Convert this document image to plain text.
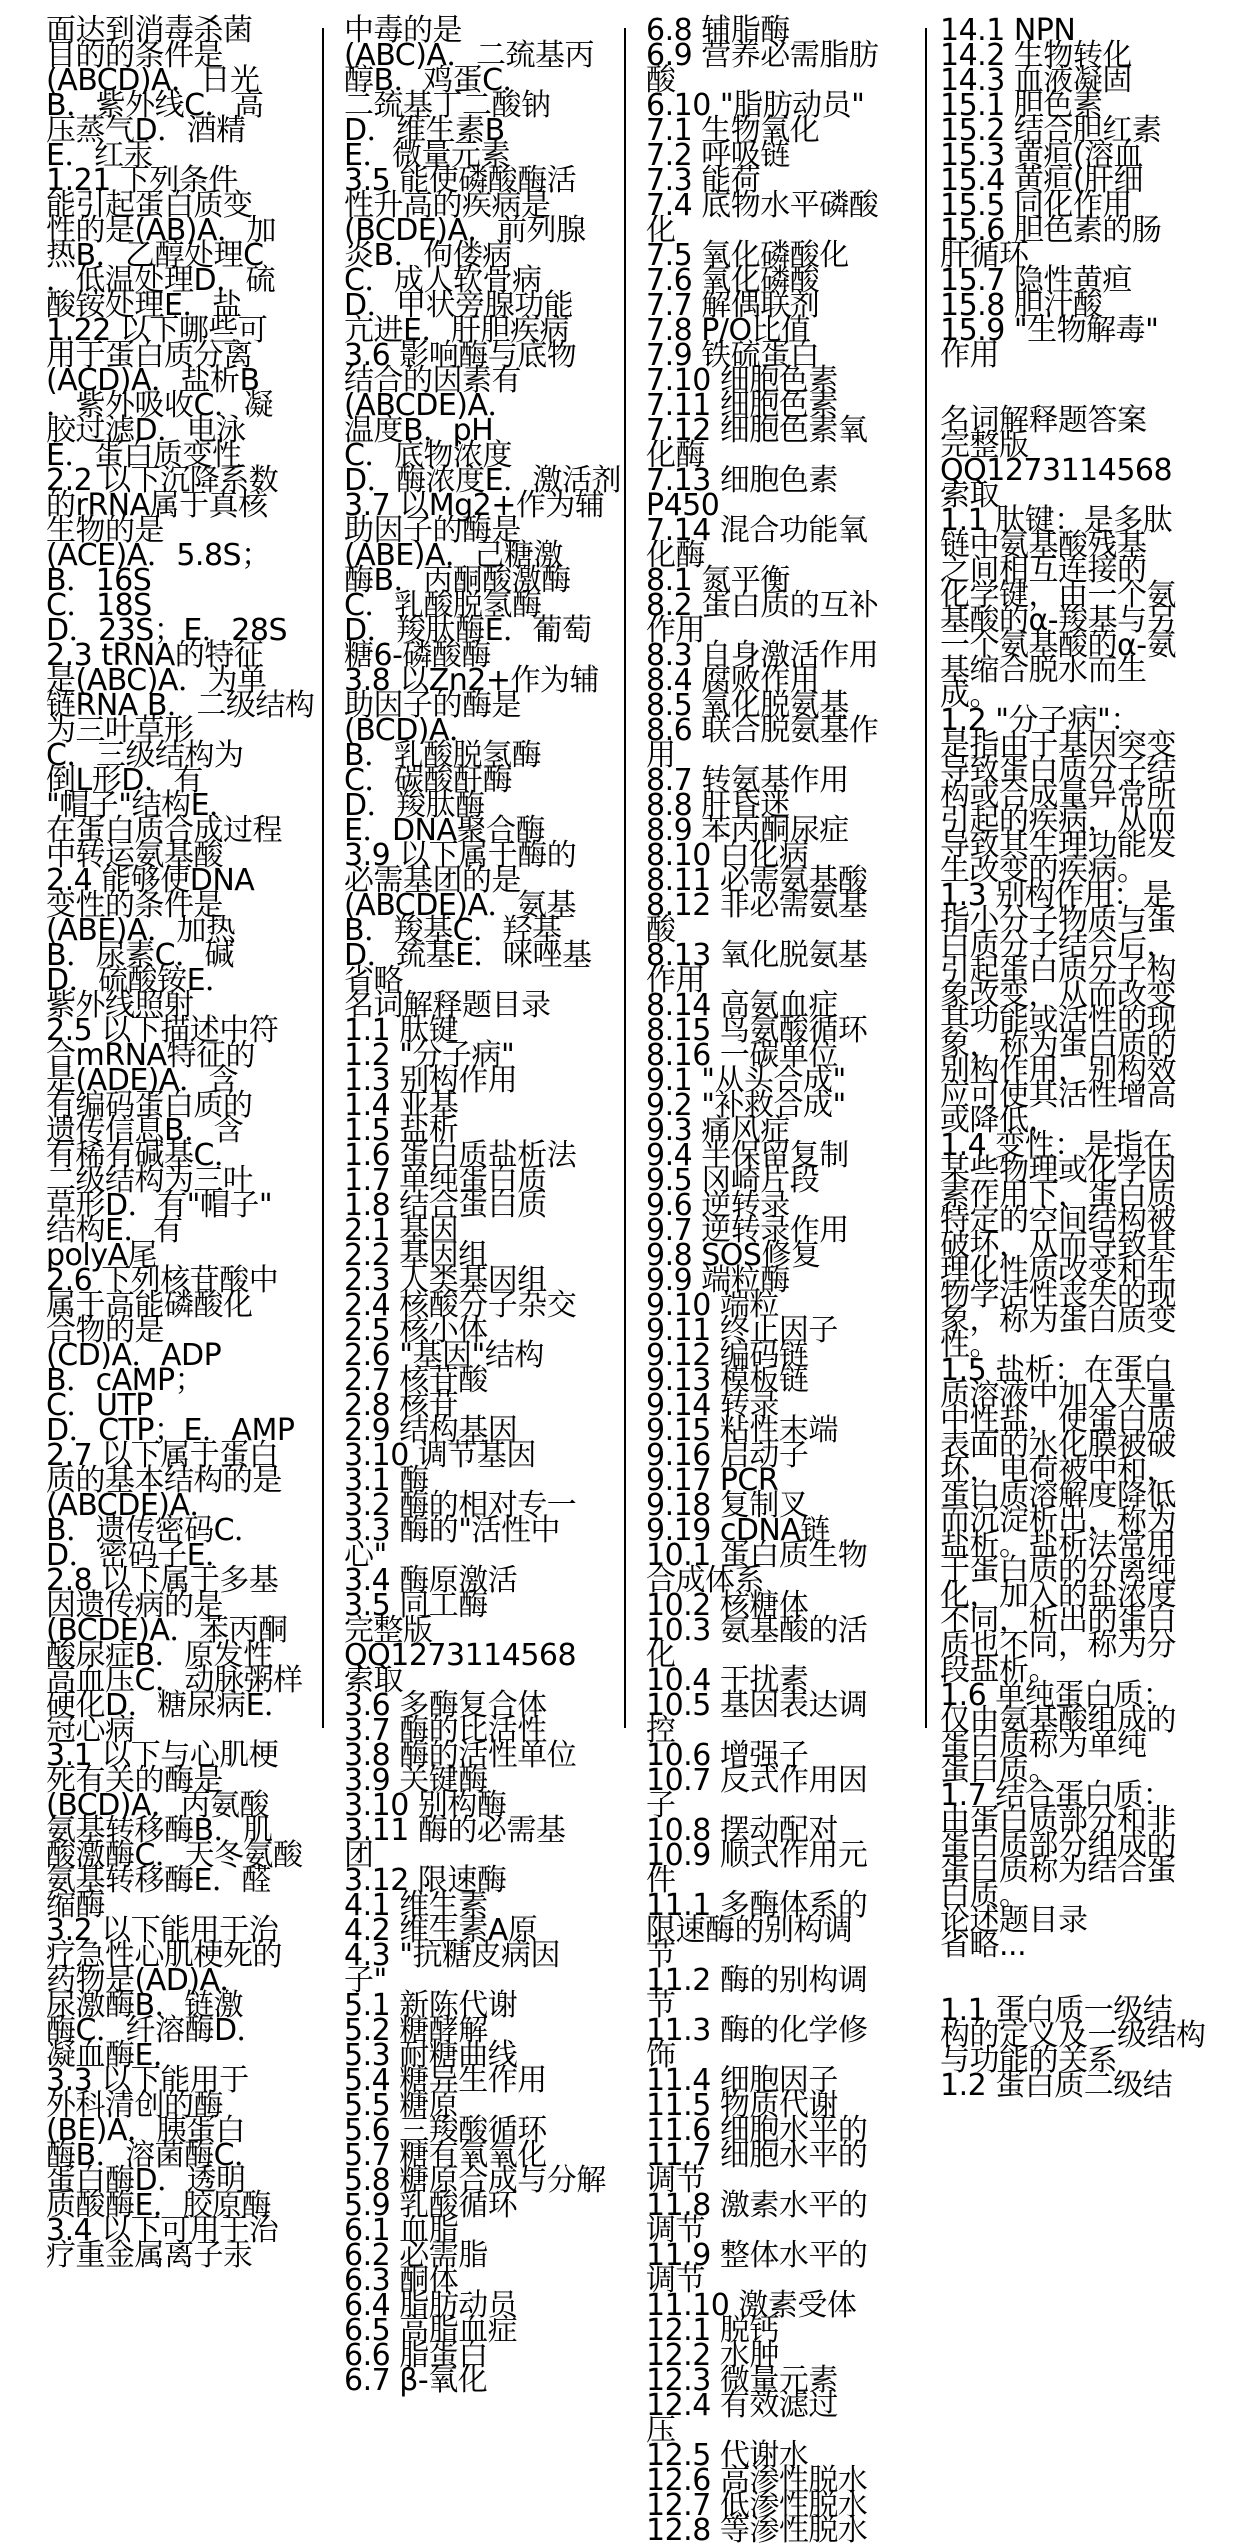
面达到消毒杀菌
目的的条件是
(ABCD)A．日光
B．紫外线C．高
压蒸气D．酒精
E．红汞
1.21 下列条件
能引起蛋白质变
性的是(AB)A．加
热B．乙醇处理C
．低温处理D．硫
酸铵处理E．盐
1.22 以下哪些可
用于蛋白质分离
(ACD)A．盐析B
．紫外吸收C．凝
胶过滤D．电泳
E．蛋白质变性
2.2 以下沉降系数
的rRNA属于真核
生物的是
(ACE)A．5.8S；
B．16S
C．18S
D．23S；E．28S
2.3 tRNA的特征
是(ABC)A．为单
链RNA B．二级结构
为三叶草形
C．三级结构为
倒L形D．有
"帽子"结构E．
在蛋白质合成过程
中转运氨基酸
2.4 能够使DNA
变性的条件是
(ABE)A．加热
B．尿素C．碱
D．硫酸铵E．
紫外线照射
2.5 以下描述中符
合mRNA特征的
是(ADE)A．含
有编码蛋白质的
遗传信息B．含
有稀有碱基C．
二级结构为三叶
草形D．有"帽子"
结构E．有
polyA尾
2.6 下列核苷酸中
属于高能磷酸化
合物的是
(CD)A．ADP
B．cAMP；
C．UTP
D．CTP；E．AMP
2.7 以下属于蛋白
质的基本结构的是
(ABCDE)A．
B．遗传密码C．
D．密码子E．
2.8 以下属于多基
因遗传病的是
(BCDE)A．苯丙酮
酸尿症B．原发性
高血压C．动脉粥样
硬化D．糖尿病E．
冠心病
3.1 以下与心肌梗
死有关的酶是
(BCD)A．丙氨酸
氨基转移酶B．肌
酸激酶C．天冬氨酸
氨基转移酶E．醛
缩酶
3.2 以下能用于治
疗急性心肌梗死的
药物是(AD)A．
尿激酶B．链激
酶C．纤溶酶D．
凝血酶E．
3.3 以下能用于
外科清创的酶
(BE)A．胰蛋白
酶B．溶菌酶C．
蛋白酶D．透明
质酸酶E．胶原酶
3.4 以下可用于治
疗重金属离子汞
中毒的是
(ABC)A．二巯基丙
醇B．鸡蛋C．
二巯基丁二酸钠
D．维生素B
E．微量元素
3.5 能使磷酸酶活
性升高的疾病是
(BCDE)A．前列腺
炎B．佝偻病
C．成人软骨病
D．甲状旁腺功能
亢进E．肝胆疾病
3.6 影响酶与底物
结合的因素有
(ABCDE)A．
温度B．pH
C．底物浓度
D．酶浓度E．激活剂
3.7 以Mg2+作为辅
助因子的酶是
(ABE)A．己糖激
酶B．丙酮酸激酶
C．乳酸脱氢酶
D．羧肽酶E．葡萄
糖6-磷酸酶
3.8 以Zn2+作为辅
助因子的酶是
(BCD)A．
B．乳酸脱氢酶
C．碳酸酐酶
D．羧肽酶
E．DNA聚合酶
3.9 以下属于酶的
必需基团的是
(ABCDE)A．氨基
B．羧基C．羟基
D．巯基E．咪唑基
省略
名词解释题目录
1.1 肽键
1.2 "分子病"
1.3 别构作用
1.4 亚基
1.5 盐析
1.6 蛋白质盐析法
1.7 单纯蛋白质
1.8 结合蛋白质
2.1 基因
2.2 基因组
2.3 人类基因组
2.4 核酸分子杂交
2.5 核小体
2.6 "基因"结构
2.7 核苷酸
2.8 核苷
2.9 结构基因
3.10 调节基因
3.1 酶
3.2 酶的相对专一
3.3 酶的"活性中
心"
3.4 酶原激活
3.5 同工酶
完整版
QQ1273114568
索取
3.6 多酶复合体
3.7 酶的比活性
3.8 酶的活性单位
3.9 关键酶
3.10 别构酶
3.11 酶的必需基
团
3.12 限速酶
4.1 维生素
4.2 维生素A原
4.3 "抗糖皮病因
子"
5.1 新陈代谢
5.2 糖酵解
5.3 耐糖曲线
5.4 糖异生作用
5.5 糖原
5.6 三羧酸循环
5.7 糖有氧氧化
5.8 糖原合成与分解
5.9 乳酸循环
6.1 血脂
6.2 必需脂
6.3 酮体
6.4 脂肪动员
6.5 高脂血症
6.6 脂蛋白
6.7 β-氧化
6.8 辅脂酶
6.9 营养必需脂肪
酸
6.10 "脂肪动员"
7.1 生物氧化
7.2 呼吸链
7.3 能荷
7.4 底物水平磷酸
化
7.5 氧化磷酸化
7.6 氧化磷酸
7.7 解偶联剂
7.8 P/O比值
7.9 铁硫蛋白
7.10 细胞色素
7.11 细胞色素
7.12 细胞色素氧
化酶
7.13 细胞色素
P450
7.14 混合功能氧
化酶
8.1 氮平衡
8.2 蛋白质的互补
作用
8.3 自身激活作用
8.4 腐败作用
8.5 氧化脱氨基
8.6 联合脱氨基作
用
8.7 转氨基作用
8.8 肝昏迷
8.9 苯丙酮尿症
8.10 白化病
8.11 必需氨基酸
8.12 非必需氨基
酸
8.13 氧化脱氨基
作用
8.14 高氨血症
8.15 鸟氨酸循环
8.16 一碳单位
9.1 "从头合成"
9.2 "补救合成"
9.3 痛风症
9.4 半保留复制
9.5 冈崎片段
9.6 逆转录
9.7 逆转录作用
9.8 SOS修复
9.9 端粒酶
9.10 端粒
9.11 终止因子
9.12 编码链
9.13 模板链
9.14 转录
9.15 粘性末端
9.16 启动子
9.17 PCR
9.18 复制叉
9.19 cDNA链
10.1 蛋白质生物
合成体系
10.2 核糖体
10.3 氨基酸的活
化
10.4 干扰素
10.5 基因表达调
控
10.6 增强子
10.7 反式作用因
子
10.8 摆动配对
10.9 顺式作用元
件
11.1 多酶体系的
限速酶的别构调
节
11.2 酶的别构调
节
11.3 酶的化学修
饰
11.4 细胞因子
11.5 物质代谢
11.6 细胞水平的
11.7 细胞水平的
调节
11.8 激素水平的
调节
11.9 整体水平的
调节
11.10 激素受体
12.1 脱钙
12.2 水肿
12.3 微量元素
12.4 有效滤过
压
12.5 代谢水
12.6 高渗性脱水
12.7 低渗性脱水
12.8 等渗性脱水
14.1 NPN
14.2 生物转化
14.3 血液凝固
15.1 胆色素
15.2 结合胆红素
15.3 黄疸(溶血
15.4 黄疸(肝细
15.5 同化作用
15.6 胆色素的肠
肝循环
15.7 隐性黄疸
15.8 胆汁酸
15.9 "生物解毒"
作用
名词解释题答案
完整版
QQ1273114568
索取
1.1 肽键：是多肽
链中氨基酸残基
之间相互连接的
化学键，由一个氨
基酸的α-羧基与另
一个氨基酸的α-氨
基缩合脱水而生
成。
1.2 "分子病"：
是指由于基因突变
导致蛋白质分子结
构或合成量异常所
引起的疾病，从而
导致其生理功能发
生改变的疾病。
1.3 别构作用：是
指小分子物质与蛋
白质分子结合后，
引起蛋白质分子构
象改变，从而改变
其功能或活性的现
象，称为蛋白质的
别构作用，别构效
应可使其活性增高
或降低，
1.4 变性：是指在
某些物理或化学因
素作用下，蛋白质
特定的空间结构被
破坏，从而导致其
理化性质改变和生
物学活性丧失的现
象，称为蛋白质变
性。
1.5 盐析：在蛋白
质溶液中加入大量
中性盐，使蛋白质
表面的水化膜被破
坏，电荷被中和，
蛋白质溶解度降低
而沉淀析出，称为
盐析。盐析法常用
于蛋白质的分离纯
化，加入的盐浓度
不同，析出的蛋白
质也不同，称为分
段盐析。
1.6 单纯蛋白质：
仅由氨基酸组成的
蛋白质称为单纯
蛋白质。
1.7 结合蛋白质：
由蛋白质部分和非
蛋白质部分组成的
蛋白质称为结合蛋
白质。
论述题目录
省略...
1.1 蛋白质一级结
构的定义及一级结构
与功能的关系
1.2 蛋白质二级结
